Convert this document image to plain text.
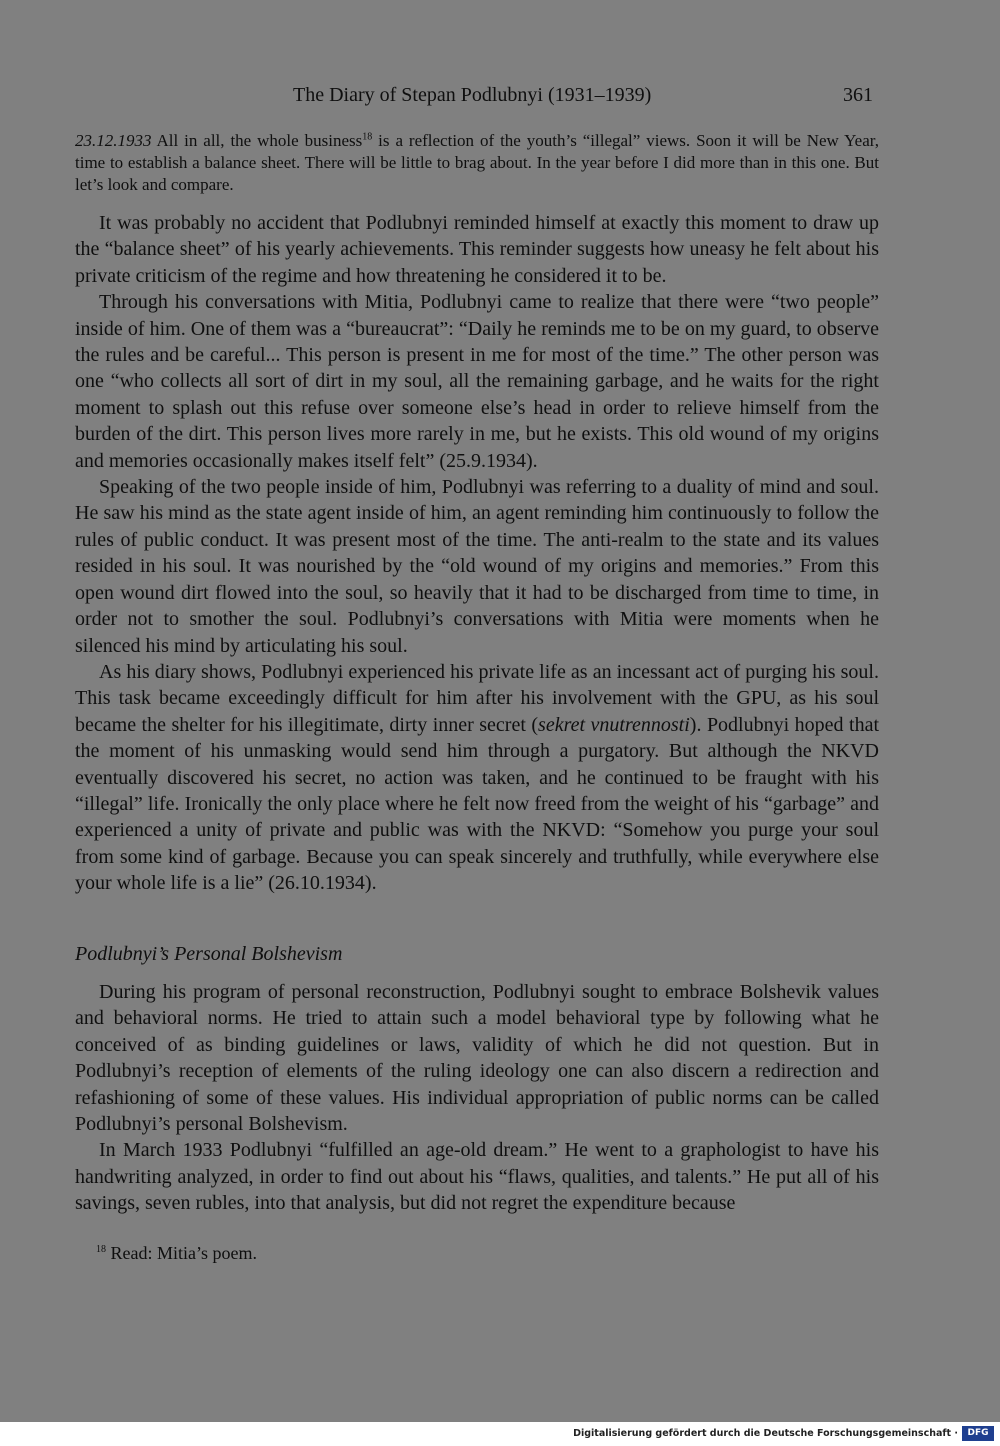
The Diary of Stepan Podlubnyi (1931–1939)	361
23.12.1933 All in all, the whole business$^{18}$ is a reflection of the youth’s “illegal” views. Soon it will be New Year, time to establish a balance sheet. There will be little to brag about. In the year before I did more than in this one. But let’s look and compare.

It was probably no accident that Podlubnyi reminded himself at exactly this moment to draw up the “balance sheet” of his yearly achievements. This reminder suggests how uneasy he felt about his private criticism of the regime and how threatening he considered it to be.

Through his conversations with Mitia, Podlubnyi came to realize that there were “two people” inside of him. One of them was a “bureaucrat”: “Daily he reminds me to be on my guard, to observe the rules and be careful... This person is present in me for most of the time.” The other person was one “who collects all sort of dirt in my soul, all the remaining garbage, and he waits for the right moment to splash out this refuse over someone else’s head in order to relieve himself from the burden of the dirt. This person lives more rarely in me, but he exists. This old wound of my origins and memories occasionally makes itself felt” (25.9.1934).

Speaking of the two people inside of him, Podlubnyi was referring to a duality of mind and soul. He saw his mind as the state agent inside of him, an agent reminding him continuously to follow the rules of public conduct. It was present most of the time. The anti-realm to the state and its values resided in his soul. It was nourished by the “old wound of my origins and memories.” From this open wound dirt flowed into the soul, so heavily that it had to be discharged from time to time, in order not to smother the soul. Podlubnyi’s conversations with Mitia were moments when he silenced his mind by articulating his soul.

As his diary shows, Podlubnyi experienced his private life as an incessant act of purging his soul. This task became exceedingly difficult for him after his involvement with the GPU, as his soul became the shelter for his illegitimate, dirty inner secret (sekret vnutrennosti). Podlubnyi hoped that the moment of his unmasking would send him through a purgatory. But although the NKVD eventually discovered his secret, no action was taken, and he continued to be fraught with his “illegal” life. Ironically the only place where he felt now freed from the weight of his “garbage” and experienced a unity of private and public was with the NKVD: “Somehow you purge your soul from some kind of garbage. Because you can speak sincerely and truthfully, while everywhere else your whole life is a lie” (26.10.1934).

Podlubnyi’s Personal Bolshevism

During his program of personal reconstruction, Podlubnyi sought to embrace Bolshevik values and behavioral norms. He tried to attain such a model behavioral type by following what he conceived of as binding guidelines or laws, validity of which he did not question. But in Podlubnyi’s reception of elements of the ruling ideology one can also discern a redirection and refashioning of some of these values. His individual appropriation of public norms can be called Podlubnyi’s personal Bolshevism.

In March 1933 Podlubnyi “fulfilled an age-old dream.” He went to a graphologist to have his handwriting analyzed, in order to find out about his “flaws, qualities, and talents.” He put all of his savings, seven rubles, into that analysis, but did not regret the expenditure because

$^{18}$ Read: Mitia’s poem.
Digitalisierung gefördert durch die Deutsche Forschungsgemeinschaft ·	DFG
